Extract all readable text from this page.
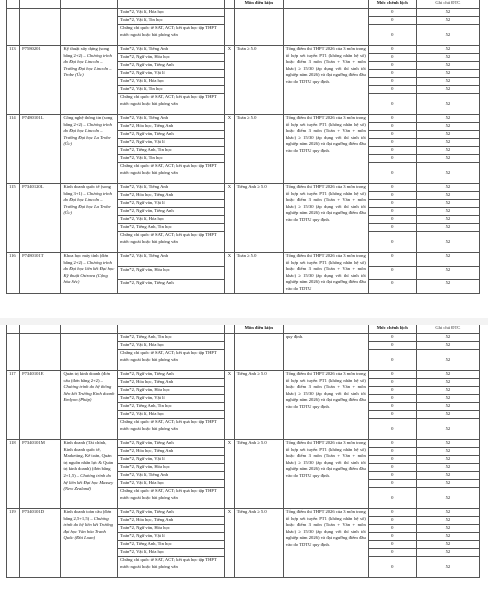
					Môn điều kiện		Mức chênh lệch	Ghi chú ĐTC
			Toán*2, Vật lí, Hóa học				0	52
			Toán*2, Vật lí, Tin học				0	52
			Chứng chỉ quốc tế SAT, ACT; kết quả học tập THPT nước ngoài hoặc bài phỏng vấn				0	52
113	P7580201	Kỹ thuật xây dựng (song bằng 2+2) – Chương trình do Đại học Lincoln – Trường Đại học Lincoln – Trobe (Úc)	Toán*2, Vật lí, Tiếng Anh	X	Toán ≥ 5.0	Tổng điểm thi THPT 2026 của 3 môn trong tổ hợp xét tuyển PT1 (không nhân hệ số) hoặc điểm 3 môn (Toán + Văn + môn khác) ≥ 15/30 (áp dụng với thí sinh tốt nghiệp năm 2026) và đạt ngưỡng điểm đầu vào do TDTU quy định.	0	52
			Toán*2, Ngữ văn, Hóa học				0	52
			Toán*2, Ngữ văn, Tiếng Anh				0	52
			Toán*2, Ngữ văn, Vật lí				0	52
			Toán*2, Vật lí, Hóa học				0	52
			Toán*2, Vật lí, Tin học				0	52
			Chứng chỉ quốc tế SAT, ACT; kết quả học tập THPT nước ngoài hoặc bài phỏng vấn				0	52
114	P7480101L	Công nghệ thông tin (song bằng 2+2) – Chương trình do Đại học Lincoln – Trường Đại học La Trobe (Úc)	Toán*2, Vật lí, Tiếng Anh	X	Toán ≥ 5.0	Tổng điểm thi THPT 2026 của 3 môn trong tổ hợp xét tuyển PT1 (không nhân hệ số) hoặc điểm 3 môn (Toán + Văn + môn khác) ≥ 15/30 (áp dụng với thí sinh tốt nghiệp năm 2026) và đạt ngưỡng điểm đầu vào do TDTU quy định.	0	52
			Toán*2, Hóa học, Tiếng Anh				0	52
			Toán*2, Ngữ văn, Tiếng Anh				0	52
			Toán*2, Ngữ văn, Vật lí				0	52
			Toán*2, Tiếng Anh, Tin học				0	52
			Toán*2, Vật lí, Tin học				0	52
			Chứng chỉ quốc tế SAT, ACT; kết quả học tập THPT nước ngoài hoặc bài phỏng vấn				0	52
115	P7340120L	Kinh doanh quốc tế (song bằng 3+1) – Chương trình do Đại học Lincoln – Trường Đại học La Trobe (Úc)	Toán*2, Vật lí, Tiếng Anh	X	Tiếng Anh ≥ 5.0	Tổng điểm thi THPT 2026 của 3 môn trong tổ hợp xét tuyển PT1 (không nhân hệ số) hoặc điểm 3 môn (Toán + Văn + môn khác) ≥ 15/30 (áp dụng với thí sinh tốt nghiệp năm 2026) và đạt ngưỡng điểm đầu vào do TDTU quy định.	0	52
			Toán*2, Hóa học, Tiếng Anh				0	52
			Toán*2, Ngữ văn, Vật lí				0	52
			Toán*2, Ngữ văn, Tiếng Anh				0	52
			Toán*2, Vật lí, Hóa học				0	52
			Toán*2, Tiếng Anh, Tin học				0	52
			Chứng chỉ quốc tế SAT, ACT; kết quả học tập THPT nước ngoài hoặc bài phỏng vấn				0	52
116	P7480101T	Khoa học máy tính (đơn bằng 2+2) – Chương trình do Đại học liên kết Đại học Kỹ thuật Ostrava (Cộng hòa Séc)	Toán*2, Vật lí, Tiếng Anh	X	Toán ≥ 5.0	Tổng điểm thi THPT 2026 của 3 môn trong tổ hợp xét tuyển PT1 (không nhân hệ số) hoặc điểm 3 môn (Toán + Văn + môn khác) ≥ 15/30 (áp dụng với thí sinh tốt nghiệp năm 2026) và đạt ngưỡng điểm đầu vào do TDTU	0	52
			Toán*2, Ngữ văn, Hóa học				0	52
			Toán*2, Ngữ văn, Tiếng Anh				0	52
					Môn điều kiện		Mức chênh lệch	Ghi chú ĐTC
			Toán*2, Tiếng Anh, Tin học			quy định.	0	52
			Toán*2, Vật lí, Hóa học				0	52
			Chứng chỉ quốc tế SAT, ACT; kết quả học tập THPT nước ngoài hoặc bài phỏng vấn				0	52
117	P7340101E	Quản trị kinh doanh (đơn cấu (đơn bằng 2+2) – Chương trình do hệ thống liên kết Trường Kinh doanh Emlyon (Pháp)	Toán*2, Ngữ văn, Tiếng Anh	X	Tiếng Anh ≥ 5.0	Tổng điểm thi THPT 2026 của 3 môn trong tổ hợp xét tuyển PT1 (không nhân hệ số) hoặc điểm 3 môn (Toán + Văn + môn khác) ≥ 15/30 (áp dụng với thí sinh tốt nghiệp năm 2026) và đạt ngưỡng điểm đầu vào do TDTU quy định.	0	52
			Toán*2, Hóa học, Tiếng Anh				0	52
			Toán*2, Ngữ văn, Hóa học				0	52
			Toán*2, Ngữ văn, Vật lí				0	52
			Toán*2, Tiếng Anh, Tin học				0	52
			Toán*2, Vật lí, Hóa học				0	52
			Chứng chỉ quốc tế SAT, ACT; kết quả học tập THPT nước ngoài hoặc bài phỏng vấn				0	52
118	P7340101M	Kinh doanh (Tài chính, Kinh doanh quốc tế, Marketing, Kế toán, Quản trị nguồn nhân lực & Quản trị kinh doanh) (đơn bằng 2+1,5) – Chương trình do hệ liên kết Đại học Massey (New Zealand)	Toán*2, Ngữ văn, Tiếng Anh	X	Tiếng Anh ≥ 5.0	Tổng điểm thi THPT 2026 của 3 môn trong tổ hợp xét tuyển PT1 (không nhân hệ số) hoặc điểm 3 môn (Toán + Văn + môn khác) ≥ 15/30 (áp dụng với thí sinh tốt nghiệp năm 2026) và đạt ngưỡng điểm đầu vào do TDTU quy định.	0	52
			Toán*2, Hóa học, Tiếng Anh				0	52
			Toán*2, Ngữ văn, Vật lí				0	52
			Toán*2, Ngữ văn, Hóa học				0	52
			Toán*2, Vật lí, Tiếng Anh				0	52
			Toán*2, Vật lí, Hóa học				0	52
			Chứng chỉ quốc tế SAT, ACT; kết quả học tập THPT nước ngoài hoặc bài phỏng vấn				0	52
119	P7340101D	Kinh doanh toàn cầu (đơn bằng 2,5+1,5) – Chương trình do hệ liên kết Trường đại học Văn hóa Tranh Quốc (Đài Loan)	Toán*2, Ngữ văn, Tiếng Anh	X	Tiếng Anh ≥ 5.0	Tổng điểm thi THPT 2026 của 3 môn trong tổ hợp xét tuyển PT1 (không nhân hệ số) hoặc điểm 3 môn (Toán + Văn + môn khác) ≥ 15/30 (áp dụng với thí sinh tốt nghiệp năm 2026) và đạt ngưỡng điểm đầu vào do TDTU quy định.	0	52
			Toán*2, Hóa học, Tiếng Anh				0	52
			Toán*2, Ngữ văn, Hóa học				0	52
			Toán*2, Ngữ văn, Vật lí				0	52
			Toán*2, Tiếng Anh, Tin học				0	52
			Toán*2, Vật lí, Hóa học				0	52
			Chứng chỉ quốc tế SAT, ACT; kết quả học tập THPT nước ngoài hoặc bài phỏng vấn				0	52
